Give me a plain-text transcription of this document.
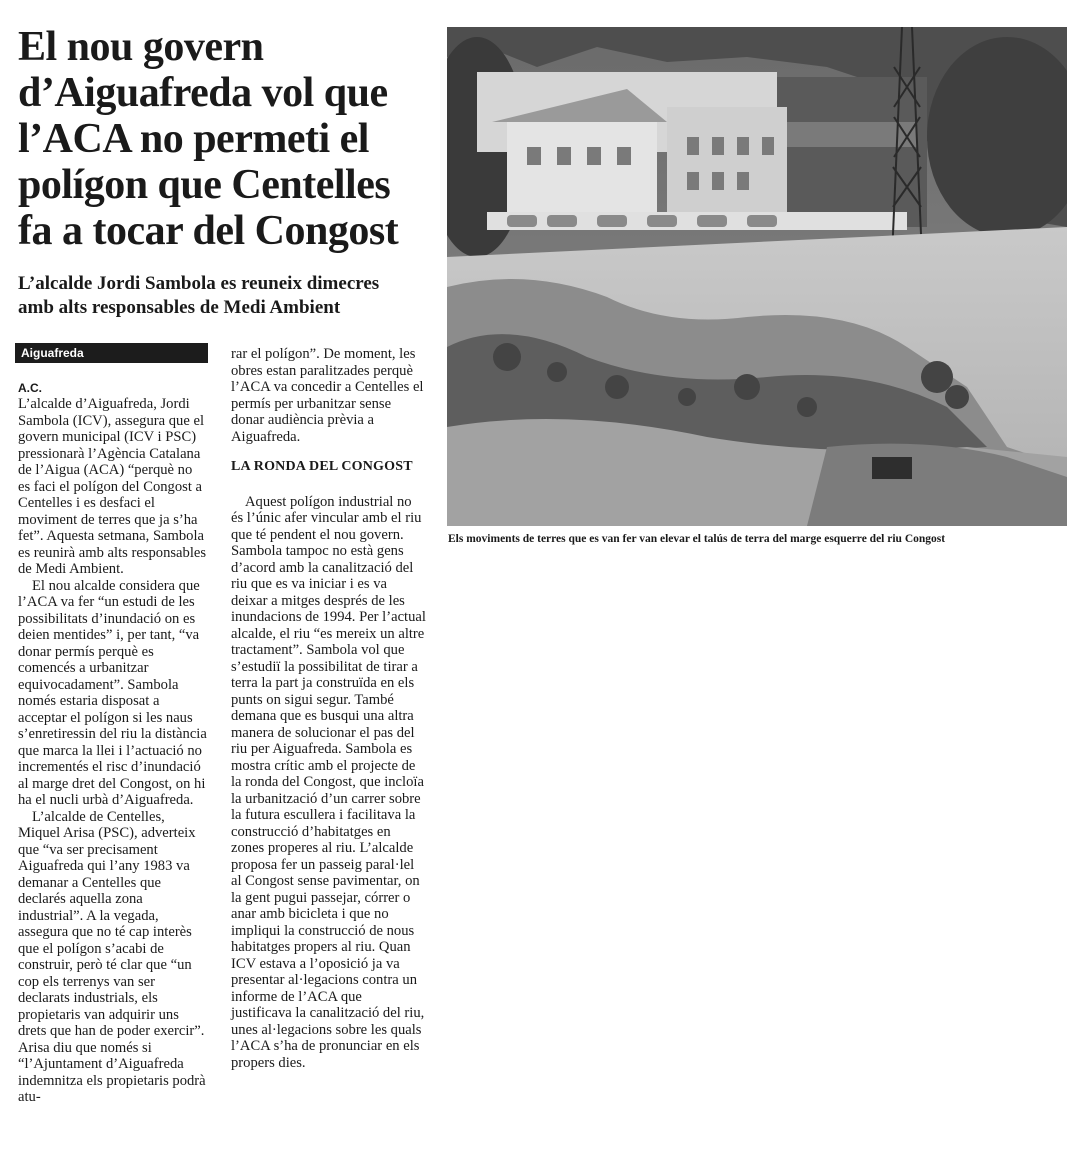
El nou govern d’Aiguafreda vol que l’ACA no permeti el polígon que Centelles fa a tocar del Congost
L’alcalde Jordi Sambola es reuneix dimecres amb alts responsables de Medi Ambient
Aiguafreda
A.C.

L’alcalde d’Aiguafreda, Jordi Sambola (ICV), assegura que el govern municipal (ICV i PSC) pressionarà l’Agència Catalana de l’Aigua (ACA) “perquè no es faci el polígon del Congost a Centelles i es desfaci el moviment de terres que ja s’ha fet”. Aquesta setmana, Sambola es reunirà amb alts responsables de Medi Ambient.

El nou alcalde considera que l’ACA va fer “un estudi de les possibilitats d’inundació on es deien mentides” i, per tant, “va donar permís perquè es comencés a urbanitzar equivocadament”. Sambola només estaria disposat a acceptar el polígon si les naus s’enretiressin del riu la distància que marca la llei i l’actuació no incrementés el risc d’inundació al marge dret del Congost, on hi ha el nucli urbà d’Aiguafreda.

L’alcalde de Centelles, Miquel Arisa (PSC), adverteix que “va ser precisament Aiguafreda qui l’any 1983 va demanar a Centelles que declarés aquella zona industrial”. A la vegada, assegura que no té cap interès que el polígon s’acabi de construir, però té clar que “un cop els terrenys van ser declarats industrials, els propietaris van adquirir uns drets que han de poder exercir”. Arisa diu que només si “l’Ajuntament d’Aiguafreda indemnitza els propietaris podrà atu-

rar el polígon”. De moment, les obres estan paralitzades perquè l’ACA va concedir a Centelles el permís per urbanitzar sense donar audiència prèvia a Aiguafreda.

LA RONDA DEL CONGOST

Aquest polígon industrial no és l’únic afer vincular amb el riu que té pendent el nou govern. Sambola tampoc no està gens d’acord amb la canalització del riu que es va iniciar i es va deixar a mitges després de les inundacions de 1994. Per l’actual alcalde, el riu “es mereix un altre tractament”. Sambola vol que s’estudiï la possibilitat de tirar a terra la part ja construïda en els punts on sigui segur. També demana que es busqui una altra manera de solucionar el pas del riu per Aiguafreda. Sambola es mostra crític amb el projecte de la ronda del Congost, que incloïa la urbanització d’un carrer sobre la futura escullera i facilitava la construcció d’habitatges en zones properes al riu. L’alcalde proposa fer un passeig paral·lel al Congost sense pavimentar, on la gent pugui passejar, córrer o anar amb bicicleta i que no impliqui la construcció de nous habitatges propers al riu. Quan ICV estava a l’oposició ja va presentar al·legacions contra un informe de l’ACA que justificava la canalització del riu, unes al·legacions sobre les quals l’ACA s’ha de pronunciar en els propers dies.

Els moviments de terres que es van fer van elevar el talús de terra del marge esquerre del riu Congost
